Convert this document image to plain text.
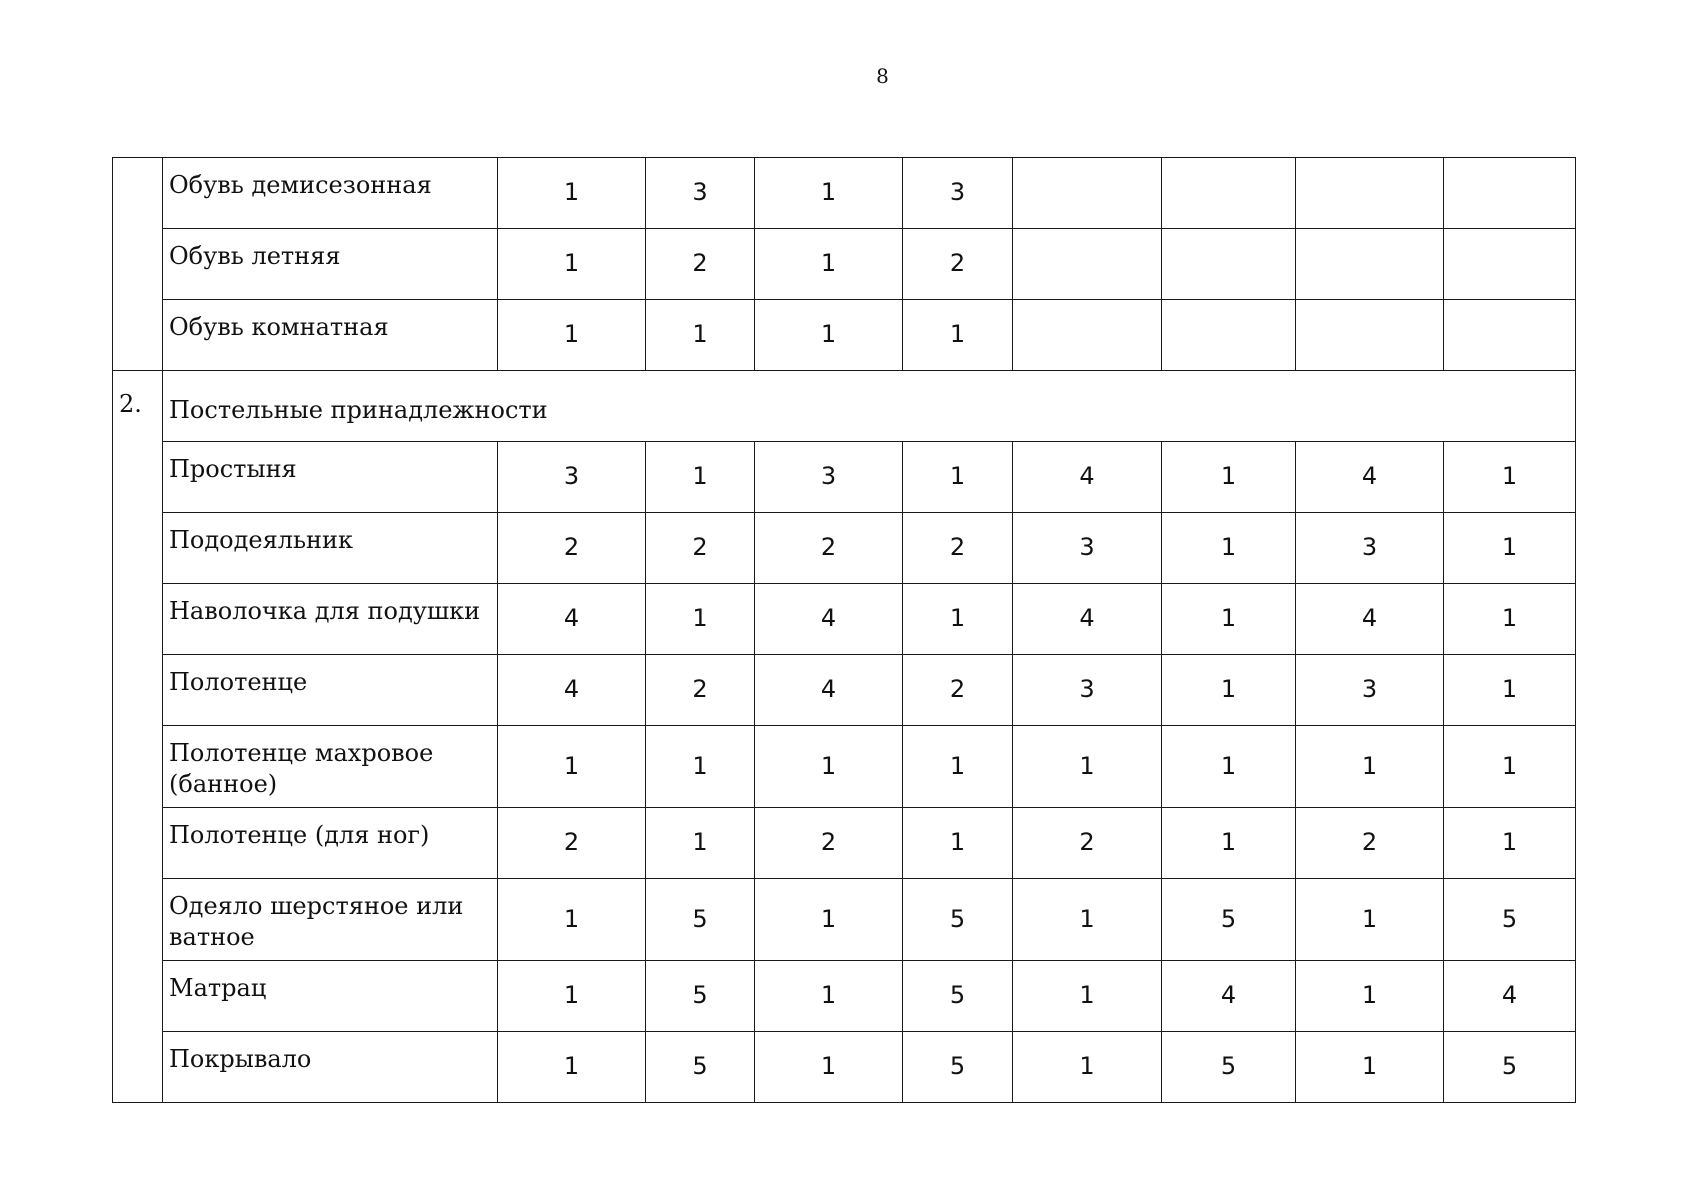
8
	Обувь демисезонная	1	3	1	3				
	Обувь летняя	1	2	1	2				
	Обувь комнатная	1	1	1	1				
2.	Постельные принадлежности								
	Простыня	3	1	3	1	4	1	4	1
	Пододеяльник	2	2	2	2	3	1	3	1
	Наволочка для подушки	4	1	4	1	4	1	4	1
	Полотенце	4	2	4	2	3	1	3	1
	Полотенце махровое (банное)	1	1	1	1	1	1	1	1
	Полотенце (для ног)	2	1	2	1	2	1	2	1
	Одеяло шерстяное или ватное	1	5	1	5	1	5	1	5
	Матрац	1	5	1	5	1	4	1	4
	Покрывало	1	5	1	5	1	5	1	5
